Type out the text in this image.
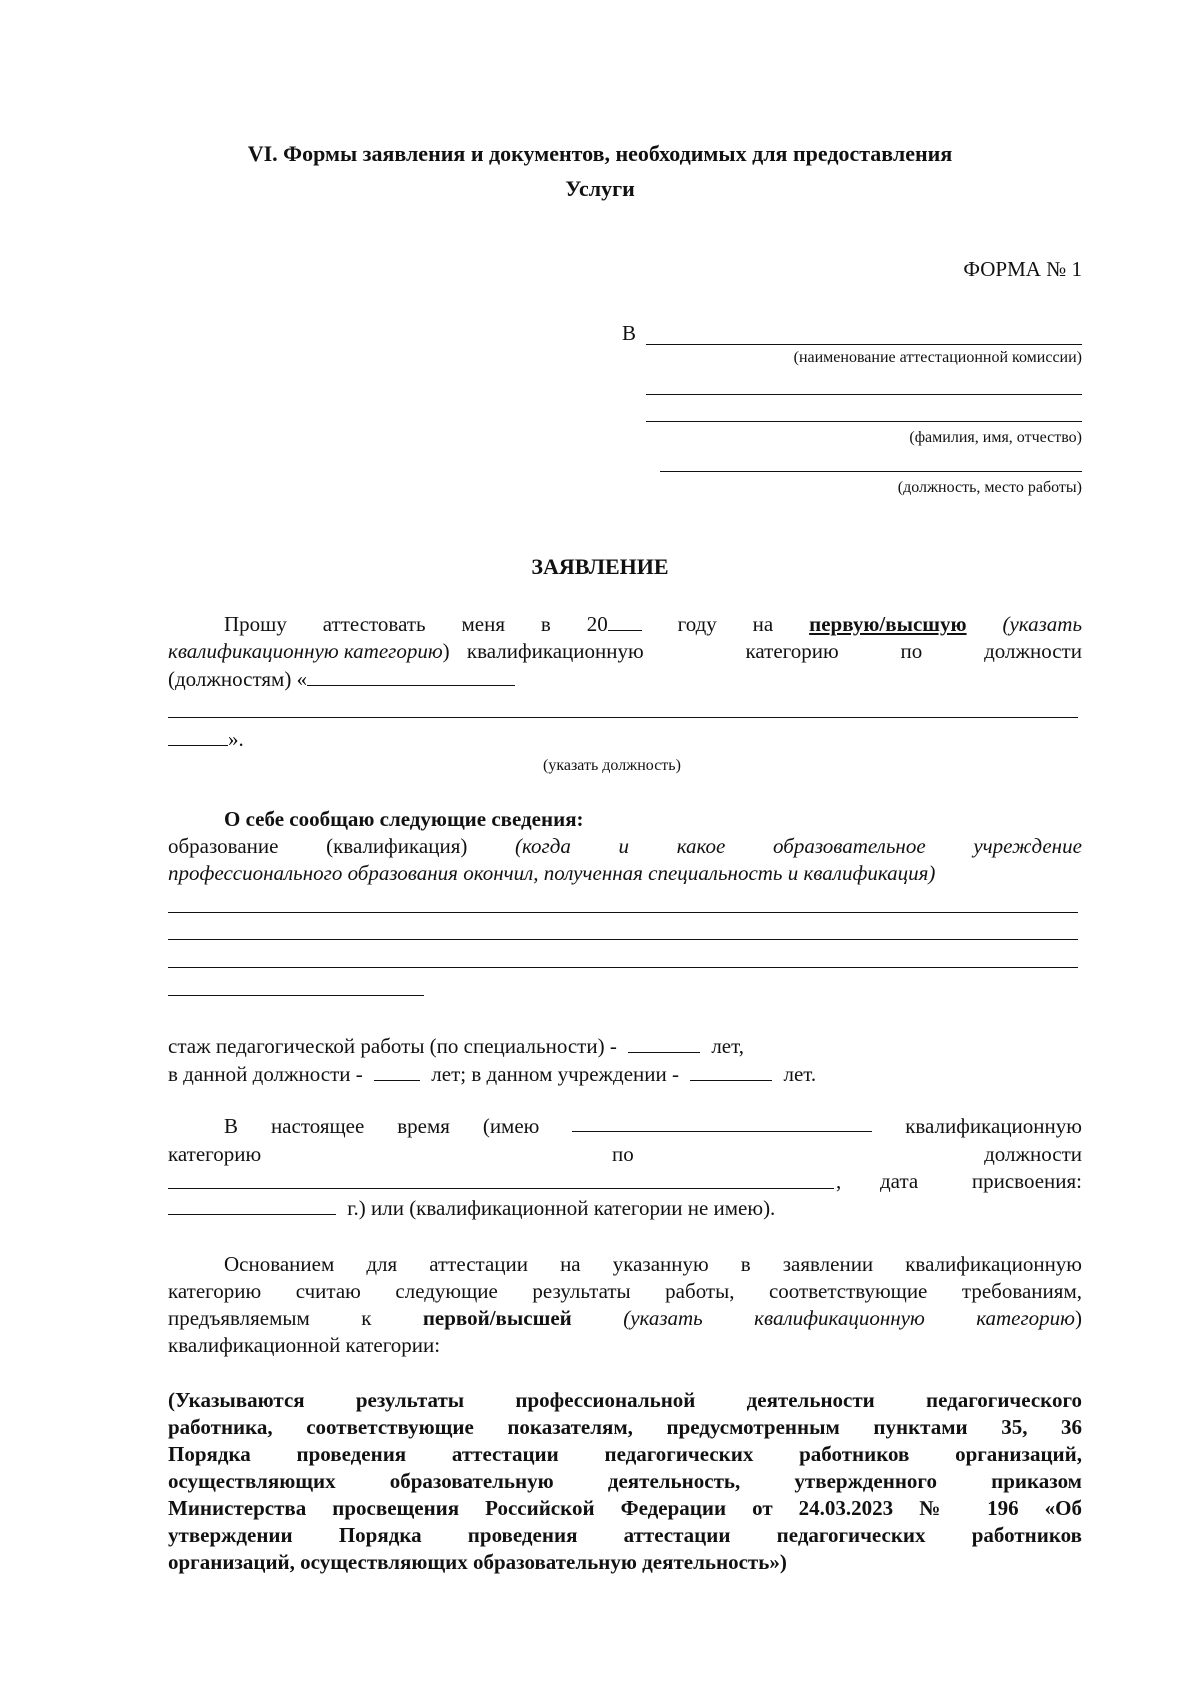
VI. Формы заявления и документов, необходимых для предоставления
Услуги
ФОРМА № 1
В
(наименование аттестационной комиссии)
(фамилия, имя, отчество)
(должность, место работы)
ЗАЯВЛЕНИЕ
Прошу аттестовать меня в 20	году на первую/высшую (указать
квалификационную категорию) квалификационную	категорию	по	должности
(должностям) «
».
(указать должность)
О себе сообщаю следующие сведения:
образование (квалификация) (когда и какое образовательное учреждение
профессионального образования окончил, полученная специальность и квалификация)
стаж педагогической работы (по специальности) -	лет,
в данной должности -	лет; в данном учреждении -	лет.
В настоящее время (имею	квалификационную
категорию	по	должности
, дата	присвоения:
г.) или (квалификационной категории не имею).
Основанием для аттестации на указанную в заявлении квалификационную
категорию считаю следующие результаты работы, соответствующие требованиям,
предъявляемым к первой/высшей (указать квалификационную категорию)
квалификационной категории:
(Указываются результаты профессиональной деятельности педагогического
работника, соответствующие показателям, предусмотренным пунктами 35, 36
Порядка проведения аттестации педагогических работников организаций,
осуществляющих образовательную деятельность, утвержденного приказом
Министерства просвещения Российской Федерации от 24.03.2023 № 196 «Об
утверждении Порядка проведения аттестации педагогических работников
организаций, осуществляющих образовательную деятельность»)
